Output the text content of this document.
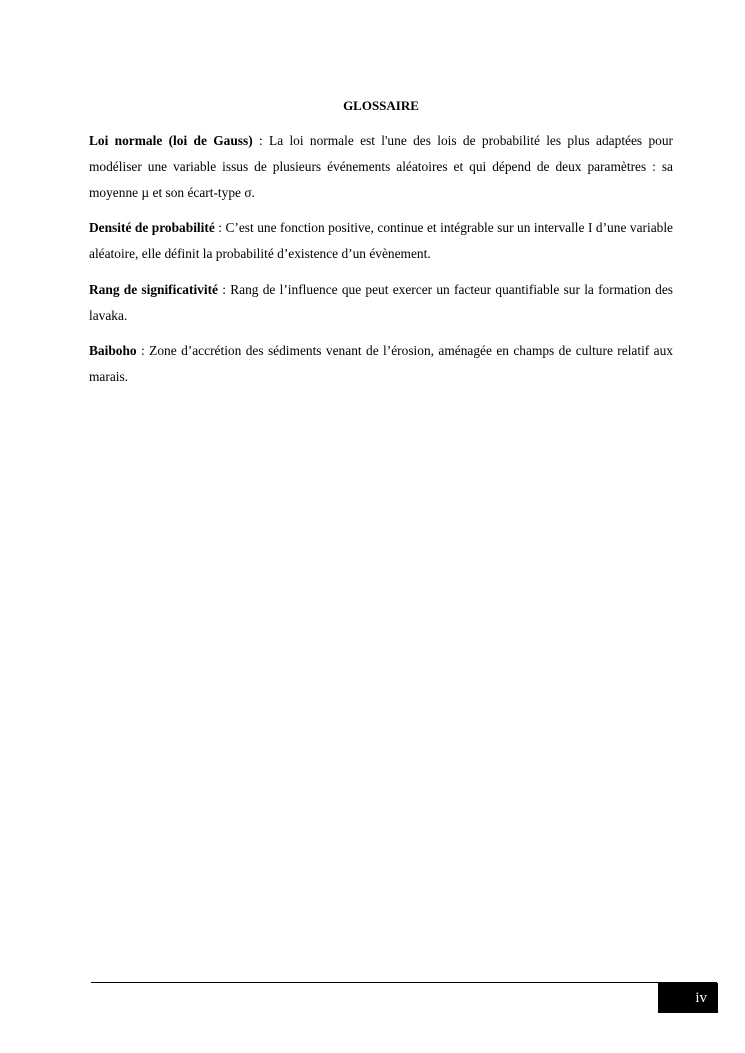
GLOSSAIRE

Loi normale (loi de Gauss) : La loi normale est l'une des lois de probabilité les plus adaptées pour modéliser une variable issus de plusieurs événements aléatoires et qui dépend de deux paramètres : sa moyenne µ et son écart-type σ.

Densité de probabilité : C’est une fonction positive, continue et intégrable sur un intervalle I d’une variable aléatoire, elle définit la probabilité d’existence d’un évènement.

Rang de significativité : Rang de l’influence que peut exercer un facteur quantifiable sur la formation des lavaka.

Baiboho : Zone d’accrétion des sédiments venant de l’érosion, aménagée en champs de culture relatif aux marais.

iv
